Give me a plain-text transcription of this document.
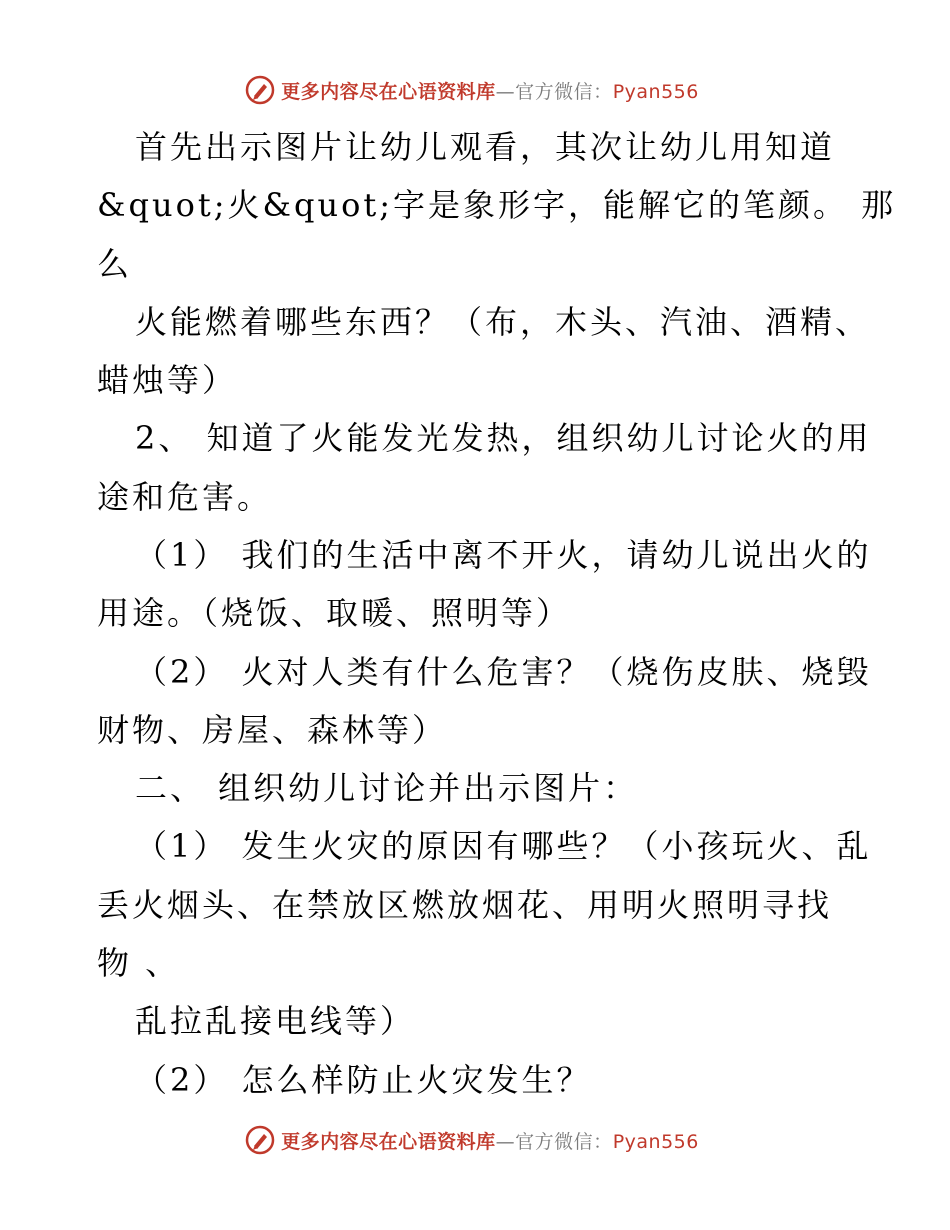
更多内容尽在心语资料库—官方微信：Pyan556
首先出示图片让幼儿观看，其次让幼儿用知道
&quot;火&quot;字是象形字，能解它的笔颜。 那
么
火能燃着哪些东西？（布，木头、汽油、酒精、
蜡烛等）
2、 知道了火能发光发热，组织幼儿讨论火的用
途和危害。
（1） 我们的生活中离不开火，请幼儿说出火的
用途。（烧饭、取暖、照明等）
（2） 火对人类有什么危害？（烧伤皮肤、烧毁
财物、房屋、森林等）
二、 组织幼儿讨论并出示图片：
（1） 发生火灾的原因有哪些？（小孩玩火、乱
丢火烟头、在禁放区燃放烟花、用明火照明寻找
物 、
乱拉乱接电线等）
（2） 怎么样防止火灾发生？
更多内容尽在心语资料库—官方微信：Pyan556
